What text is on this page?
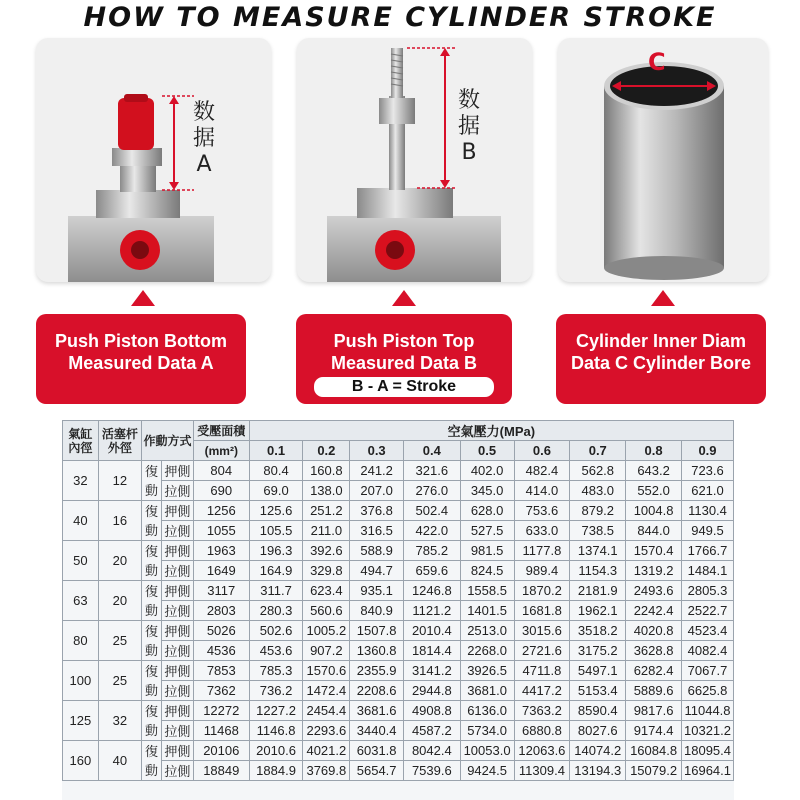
HOW TO MEASURE CYLINDER STROKE
数
据
A
数
据
B
C
Push Piston Bottom
Measured Data A
Push Piston Top
Measured Data B
B - A = Stroke
Cylinder Inner Diam
Data C Cylinder Bore
氣缸內徑	活塞杆外徑	作動方式		受壓面積	空氣壓力(MPa)								
				(mm²)	0.1	0.2	0.3	0.4	0.5	0.6	0.7	0.8	0.9
32	12	復動	押側	804	80.4	160.8	241.2	321.6	402.0	482.4	562.8	643.2	723.6
			拉側	690	69.0	138.0	207.0	276.0	345.0	414.0	483.0	552.0	621.0
40	16	復動	押側	1256	125.6	251.2	376.8	502.4	628.0	753.6	879.2	1004.8	1130.4
			拉側	1055	105.5	211.0	316.5	422.0	527.5	633.0	738.5	844.0	949.5
50	20	復動	押側	1963	196.3	392.6	588.9	785.2	981.5	1177.8	1374.1	1570.4	1766.7
			拉側	1649	164.9	329.8	494.7	659.6	824.5	989.4	1154.3	1319.2	1484.1
63	20	復動	押側	3117	311.7	623.4	935.1	1246.8	1558.5	1870.2	2181.9	2493.6	2805.3
			拉側	2803	280.3	560.6	840.9	1121.2	1401.5	1681.8	1962.1	2242.4	2522.7
80	25	復動	押側	5026	502.6	1005.2	1507.8	2010.4	2513.0	3015.6	3518.2	4020.8	4523.4
			拉側	4536	453.6	907.2	1360.8	1814.4	2268.0	2721.6	3175.2	3628.8	4082.4
100	25	復動	押側	7853	785.3	1570.6	2355.9	3141.2	3926.5	4711.8	5497.1	6282.4	7067.7
			拉側	7362	736.2	1472.4	2208.6	2944.8	3681.0	4417.2	5153.4	5889.6	6625.8
125	32	復動	押側	12272	1227.2	2454.4	3681.6	4908.8	6136.0	7363.2	8590.4	9817.6	11044.8
			拉側	11468	1146.8	2293.6	3440.4	4587.2	5734.0	6880.8	8027.6	9174.4	10321.2
160	40	復動	押側	20106	2010.6	4021.2	6031.8	8042.4	10053.0	12063.6	14074.2	16084.8	18095.4
			拉側	18849	1884.9	3769.8	5654.7	7539.6	9424.5	11309.4	13194.3	15079.2	16964.1
